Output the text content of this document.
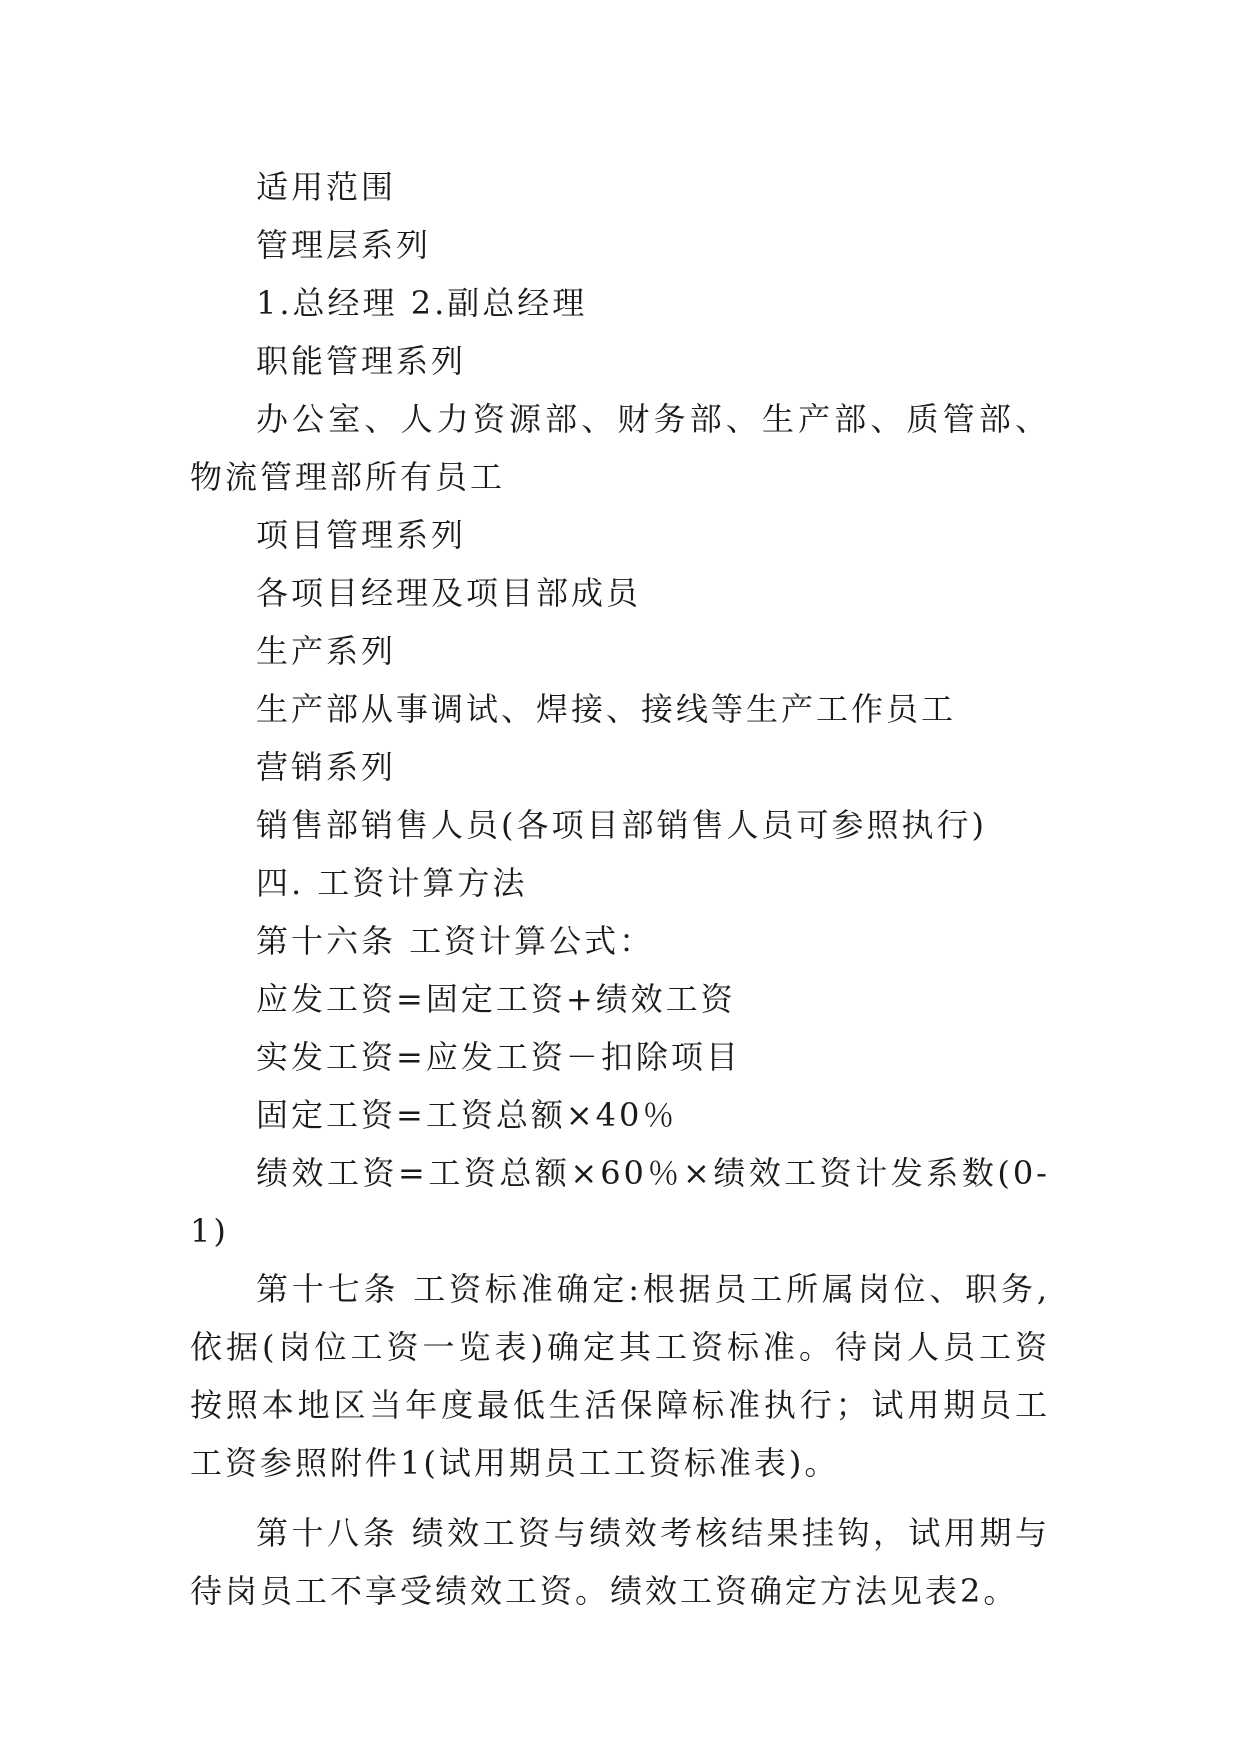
适用范围

管理层系列

1.总经理 2.副总经理

职能管理系列

办公室、人力资源部、财务部、生产部、质管部、物流管理部所有员工

项目管理系列

各项目经理及项目部成员

生产系列

生产部从事调试、焊接、接线等生产工作员工

营销系列

销售部销售人员(各项目部销售人员可参照执行)

四. 工资计算方法

第十六条 工资计算公式：

应发工资=固定工资+绩效工资

实发工资=应发工资－扣除项目

固定工资=工资总额×40％

绩效工资=工资总额×60％×绩效工资计发系数(0-1)

第十七条 工资标准确定:根据员工所属岗位、职务,依据(岗位工资一览表)确定其工资标准。待岗人员工资按照本地区当年度最低生活保障标准执行；试用期员工工资参照附件1(试用期员工工资标准表)。

第十八条 绩效工资与绩效考核结果挂钩，试用期与待岗员工不享受绩效工资。绩效工资确定方法见表2。
